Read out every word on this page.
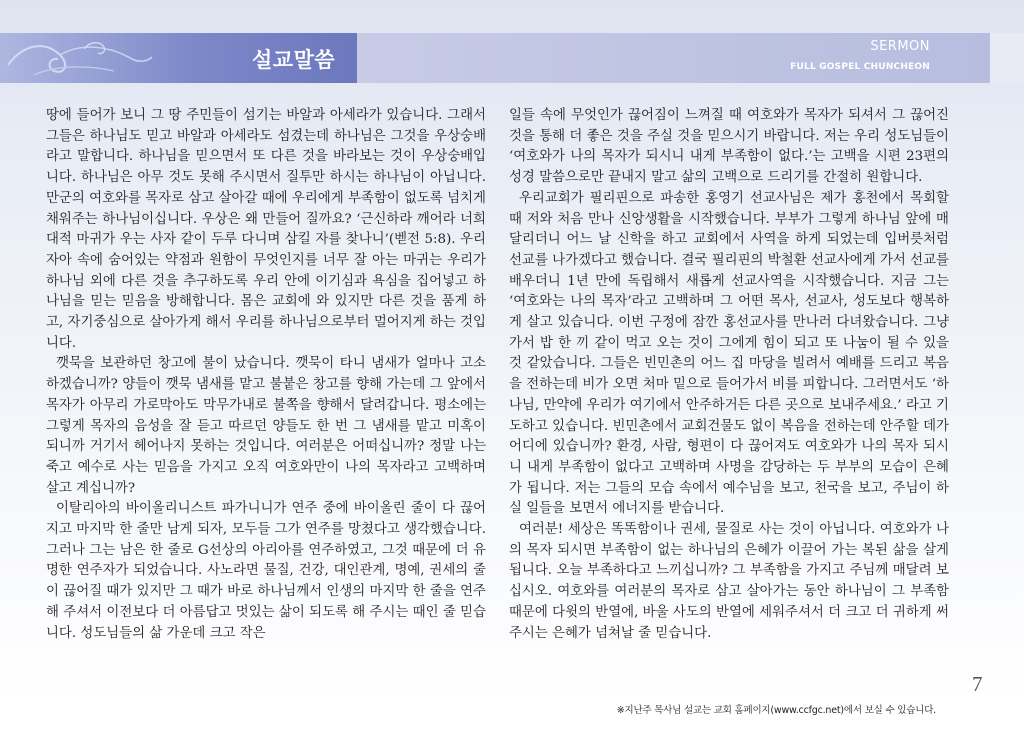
설교말씀
SERMON
FULL GOSPEL CHUNCHEON

땅에 들어가 보니 그 땅 주민들이 섬기는 바알과 아세라가 있습니다. 그래서 그들은 하나님도 믿고 바알과 아세라도 섬겼는데 하나님은 그것을 우상숭배라고 말합니다. 하나님을 믿으면서 또 다른 것을 바라보는 것이 우상숭배입니다. 하나님은 아무 것도 못해 주시면서 질투만 하시는 하나님이 아닙니다. 만군의 여호와를 목자로 삼고 살아갈 때에 우리에게 부족함이 없도록 넘치게 채워주는 하나님이십니다. 우상은 왜 만들어 질까요? ‘근신하라 깨어라 너희 대적 마귀가 우는 사자 같이 두루 다니며 삼킬 자를 찾나니’(벧전 5:8). 우리 자아 속에 숨어있는 약점과 원함이 무엇인지를 너무 잘 아는 마귀는 우리가 하나님 외에 다른 것을 추구하도록 우리 안에 이기심과 욕심을 집어넣고 하나님을 믿는 믿음을 방해합니다. 몸은 교회에 와 있지만 다른 것을 품게 하고, 자기중심으로 살아가게 해서 우리를 하나님으로부터 멀어지게 하는 것입니다.

깻묵을 보관하던 창고에 불이 났습니다. 깻묵이 타니 냄새가 얼마나 고소하겠습니까? 양들이 깻묵 냄새를 맡고 불붙은 창고를 향해 가는데 그 앞에서 목자가 아무리 가로막아도 막무가내로 불쪽을 향해서 달려갑니다. 평소에는 그렇게 목자의 음성을 잘 듣고 따르던 양들도 한 번 그 냄새를 맡고 미혹이 되니까 거기서 헤어나지 못하는 것입니다. 여러분은 어떠십니까? 정말 나는 죽고 예수로 사는 믿음을 가지고 오직 여호와만이 나의 목자라고 고백하며 살고 계십니까?

이탈리아의 바이올리니스트 파가니니가 연주 중에 바이올린 줄이 다 끊어지고 마지막 한 줄만 남게 되자, 모두들 그가 연주를 망쳤다고 생각했습니다. 그러나 그는 남은 한 줄로 G선상의 아리아를 연주하였고, 그것 때문에 더 유명한 연주자가 되었습니다. 사노라면 물질, 건강, 대인관계, 명예, 권세의 줄이 끊어질 때가 있지만 그 때가 바로 하나님께서 인생의 마지막 한 줄을 연주해 주셔서 이전보다 더 아름답고 멋있는 삶이 되도록 해 주시는 때인 줄 믿습니다. 성도님들의 삶 가운데 크고 작은

일들 속에 무엇인가 끊어짐이 느껴질 때 여호와가 목자가 되셔서 그 끊어진 것을 통해 더 좋은 것을 주실 것을 믿으시기 바랍니다. 저는 우리 성도님들이 ‘여호와가 나의 목자가 되시니 내게 부족함이 없다.’는 고백을 시편 23편의 성경 말씀으로만 끝내지 말고 삶의 고백으로 드리기를 간절히 원합니다.

우리교회가 필리핀으로 파송한 홍영기 선교사님은 제가 홍천에서 목회할 때 저와 처음 만나 신앙생활을 시작했습니다. 부부가 그렇게 하나님 앞에 매달리더니 어느 날 신학을 하고 교회에서 사역을 하게 되었는데 입버릇처럼 선교를 나가겠다고 했습니다. 결국 필리핀의 박철환 선교사에게 가서 선교를 배우더니 1년 만에 독립해서 새롭게 선교사역을 시작했습니다. 지금 그는 ‘여호와는 나의 목자’라고 고백하며 그 어떤 목사, 선교사, 성도보다 행복하게 살고 있습니다. 이번 구정에 잠깐 홍선교사를 만나러 다녀왔습니다. 그냥 가서 밥 한 끼 같이 먹고 오는 것이 그에게 힘이 되고 또 나눔이 될 수 있을 것 같았습니다. 그들은 빈민촌의 어느 집 마당을 빌려서 예배를 드리고 복음을 전하는데 비가 오면 처마 밑으로 들어가서 비를 피합니다. 그러면서도 ‘하나님, 만약에 우리가 여기에서 안주하거든 다른 곳으로 보내주세요.’ 라고 기도하고 있습니다. 빈민촌에서 교회건물도 없이 복음을 전하는데 안주할 데가 어디에 있습니까? 환경, 사람, 형편이 다 끊어져도 여호와가 나의 목자 되시니 내게 부족함이 없다고 고백하며 사명을 감당하는 두 부부의 모습이 은혜가 됩니다. 저는 그들의 모습 속에서 예수님을 보고, 천국을 보고, 주님이 하실 일들을 보면서 에너지를 받습니다.

여러분! 세상은 똑똑함이나 권세, 물질로 사는 것이 아닙니다. 여호와가 나의 목자 되시면 부족함이 없는 하나님의 은혜가 이끌어 가는 복된 삶을 살게 됩니다. 오늘 부족하다고 느끼십니까? 그 부족함을 가지고 주님께 매달려 보십시오. 여호와를 여러분의 목자로 삼고 살아가는 동안 하나님이 그 부족함 때문에 다윗의 반열에, 바울 사도의 반열에 세워주셔서 더 크고 더 귀하게 써 주시는 은혜가 넘쳐날 줄 믿습니다.

7
※지난주 목사님 설교는 교회 홈페이지(www.ccfgc.net)에서 보실 수 있습니다.
